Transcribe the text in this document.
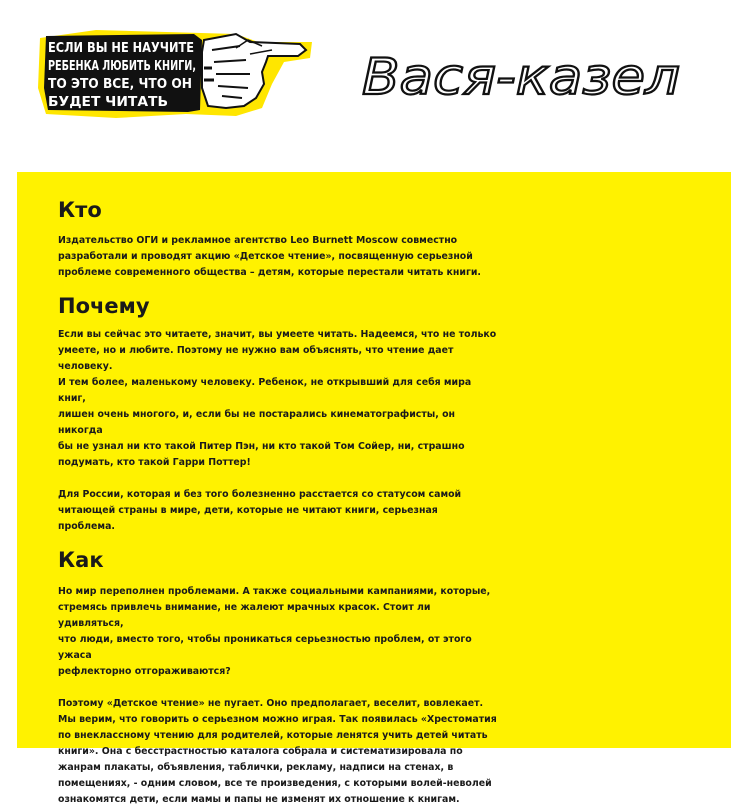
ЕСЛИ ВЫ НЕ НАУЧИТЕ
РЕБЕНКА ЛЮБИТЬ КНИГИ,
ТО ЭТО ВСЕ, ЧТО ОН
БУДЕТ ЧИТАТЬ	Вася-казел
Кто

Издательство ОГИ и рекламное агентство Leo Burnett Moscow совместно
разработали и проводят акцию «Детское чтение», посвященную серьезной
проблеме современного общества – детям, которые перестали читать книги.

Почему

Если вы сейчас это читаете, значит, вы умеете читать. Надеемся, что не только
умеете, но и любите. Поэтому не нужно вам объяснять, что чтение дает человеку.
И тем более, маленькому человеку. Ребенок, не открывший для себя мира книг,
лишен очень многого, и, если бы не постарались кинематографисты, он никогда
бы не узнал ни кто такой Питер Пэн, ни кто такой Том Сойер, ни, страшно
подумать, кто такой Гарри Поттер!

Для России, которая и без того болезненно расстается со статусом самой
читающей страны в мире, дети, которые не читают книги, серьезная проблема.

Как

Но мир переполнен проблемами. А также социальными кампаниями, которые,
стремясь привлечь внимание, не жалеют мрачных красок. Стоит ли удивляться,
что люди, вместо того, чтобы проникаться серьезностью проблем, от этого ужаса
рефлекторно отгораживаются?

Поэтому «Детское чтение» не пугает. Оно предполагает, веселит, вовлекает.
Мы верим, что говорить о серьезном можно играя. Так появилась «Хрестоматия
по внеклассному чтению для родителей, которые ленятся учить детей читать
книги». Она с бесстрастностью каталога собрала и систематизировала по
жанрам плакаты, объявления, таблички, рекламу, надписи на стенах, в
помещениях, - одним словом, все те произведения, с которыми волей-неволей
ознакомятся дети, если мамы и папы не изменят их отношение к книгам.
